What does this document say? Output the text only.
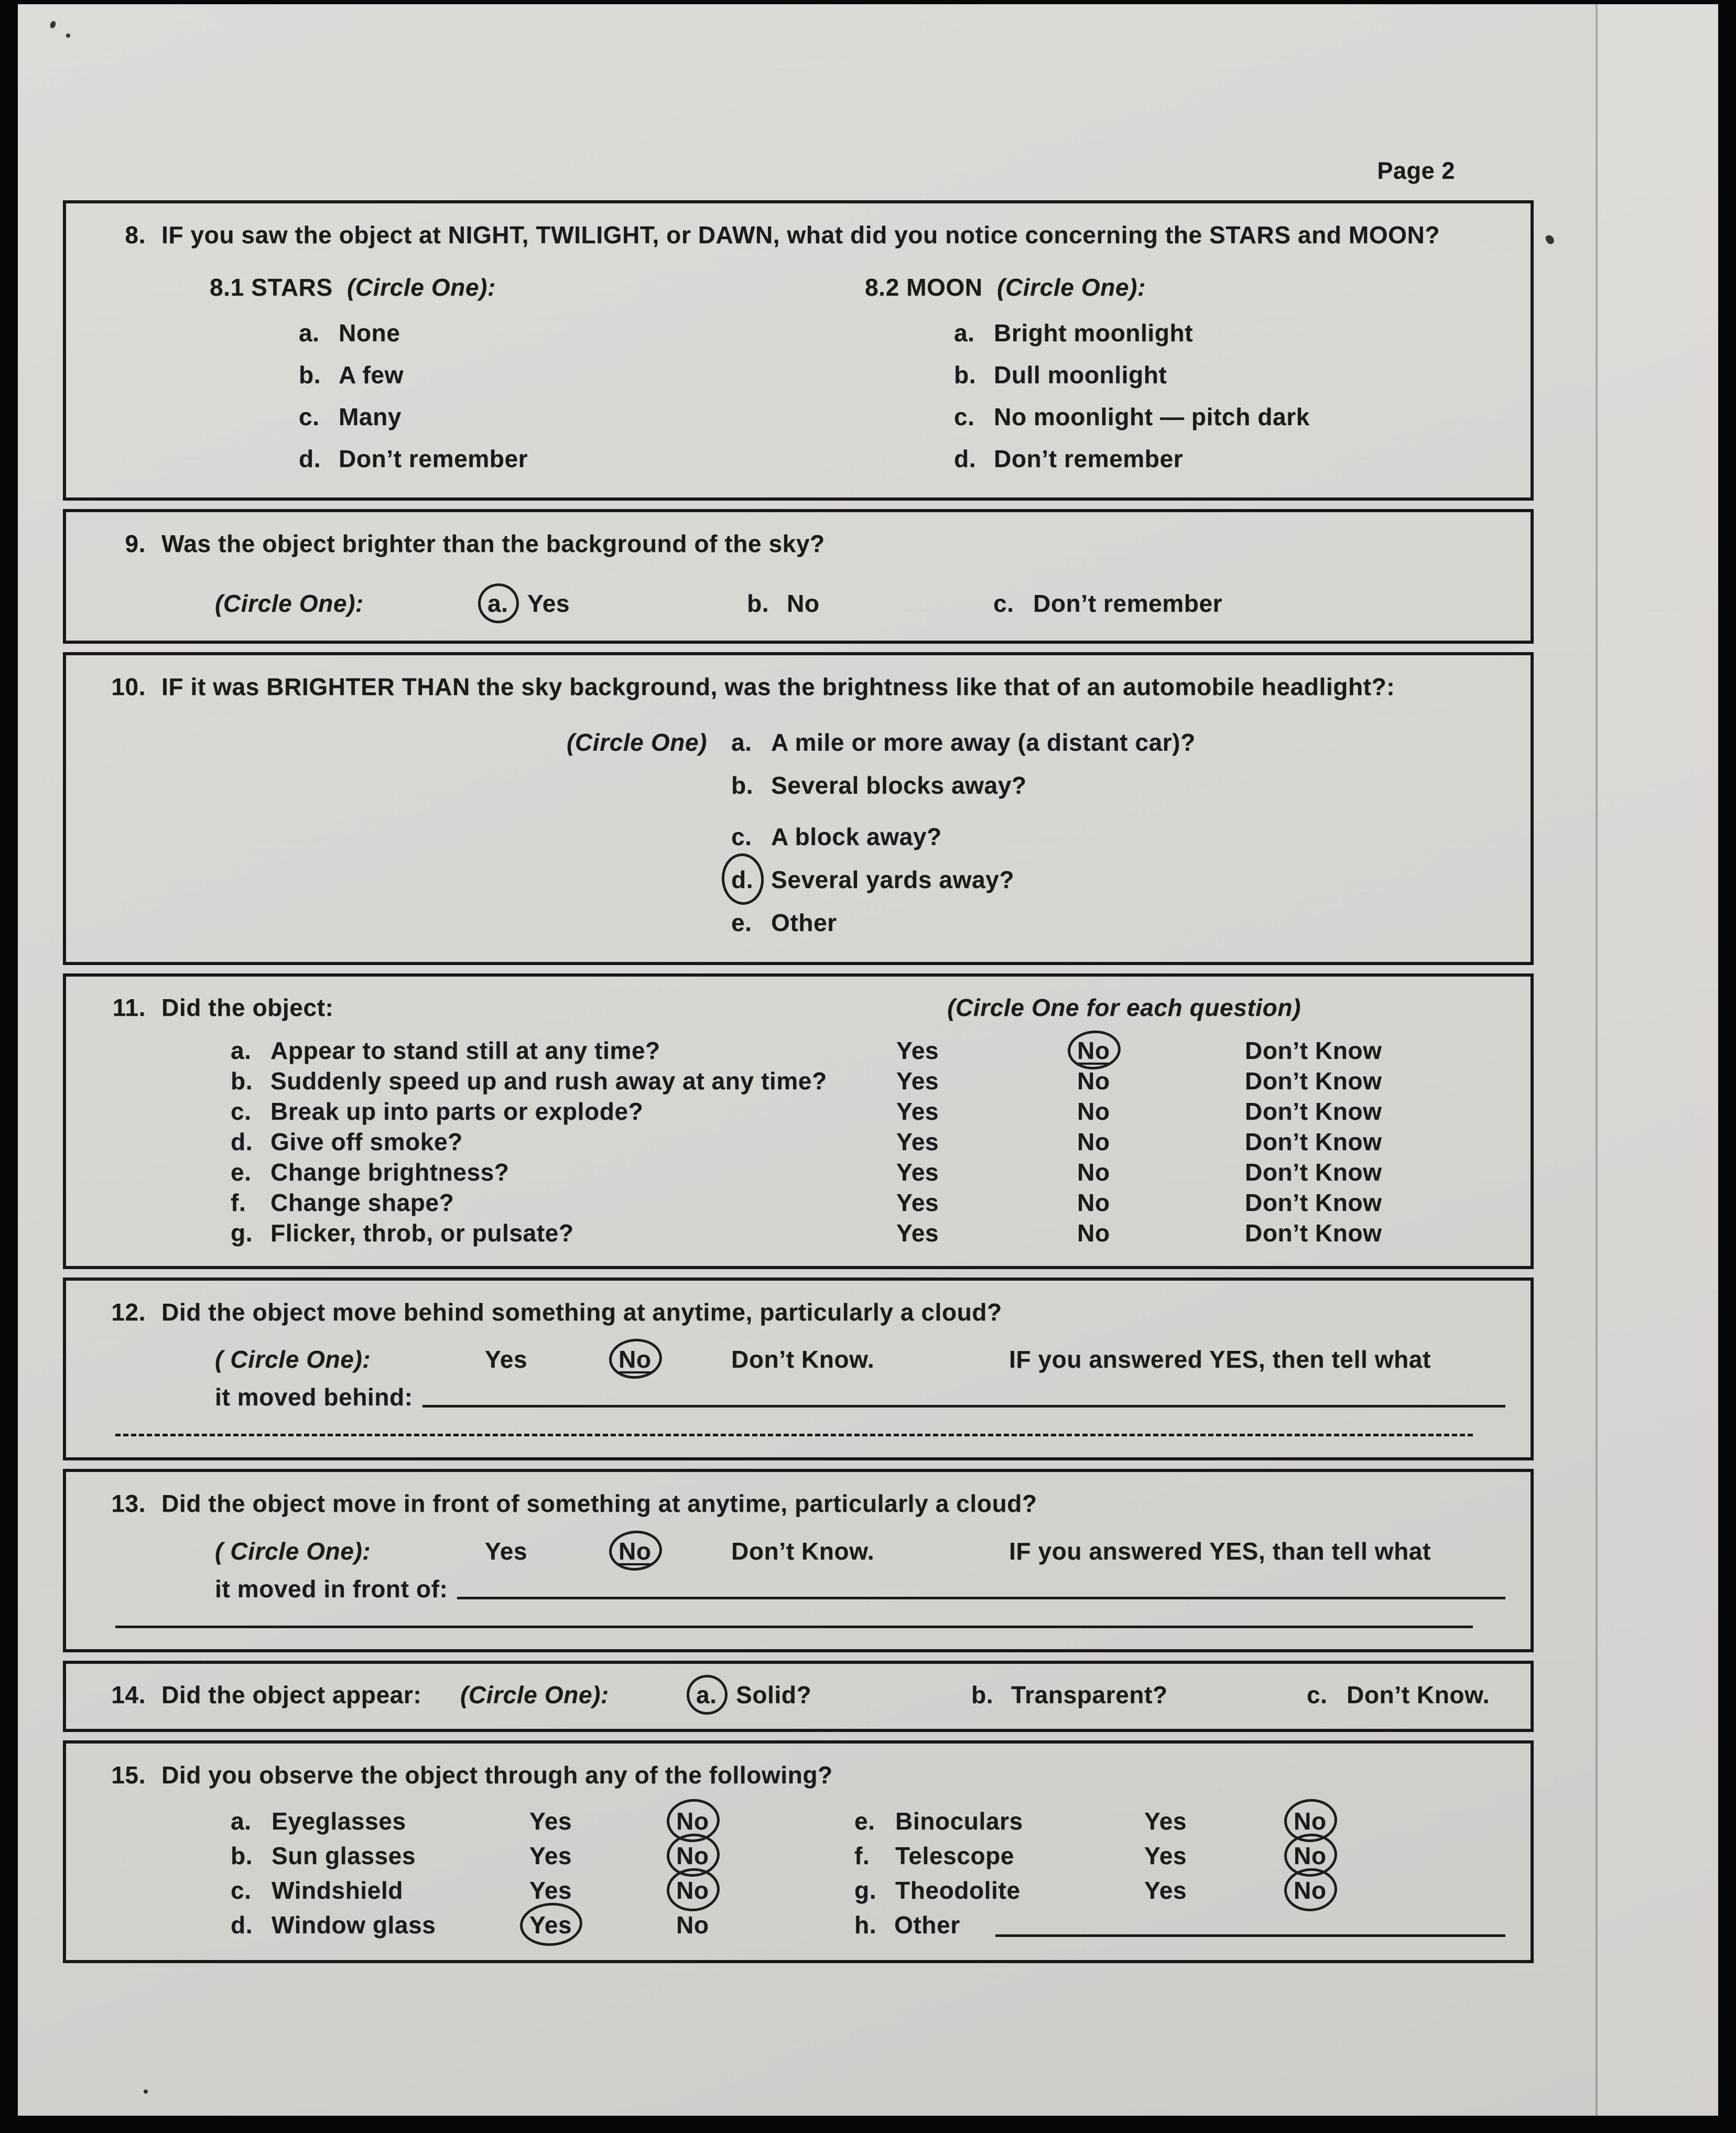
Page 2
8. IF you saw the object at NIGHT, TWILIGHT, or DAWN, what did you notice concerning the STARS and MOON?
8.1 STARS (Circle One):
a. None
b. A few
c. Many
d. Don’t remember
8.2 MOON (Circle One):
a. Bright moonlight
b. Dull moonlight
c. No moonlight — pitch dark
d. Don’t remember
9. Was the object brighter than the background of the sky?
(Circle One):	a. Yes	b. No	c. Don’t remember
10. IF it was BRIGHTER THAN the sky background, was the brightness like that of an automobile headlight?:
(Circle One)	a. A mile or more away (a distant car)?
b. Several blocks away?
c. A block away?
d. Several yards away?
e. Other
11. Did the object:	(Circle One for each question)
a. Appear to stand still at any time?	Yes	No	Don’t Know
b. Suddenly speed up and rush away at any time?	Yes	No	Don’t Know
c. Break up into parts or explode?	Yes	No	Don’t Know
d. Give off smoke?	Yes	No	Don’t Know
e. Change brightness?	Yes	No	Don’t Know
f.	Change shape?	Yes	No	Don’t Know
g. Flicker, throb, or pulsate?	Yes	No	Don’t Know
12. Did the object move behind something at anytime, particularly a cloud?
( Circle One):	Yes	No	Don’t Know.	IF you answered YES, then tell what
it moved behind:
13. Did the object move in front of something at anytime, particularly a cloud?
( Circle One):	Yes	No	Don’t Know.	IF you answered YES, than tell what
it moved in front of:
14. Did the object appear:	(Circle One):	a. Solid?	b. Transparent?	c. Don’t Know.
15. Did you observe the object through any of the following?
a. Eyeglasses	Yes	No
b. Sun glasses	Yes	No
c. Windshield	Yes	No
d. Window glass	Yes	No
e. Binoculars	Yes	No
f.	Telescope	Yes	No
g. Theodolite	Yes	No
h. Other
